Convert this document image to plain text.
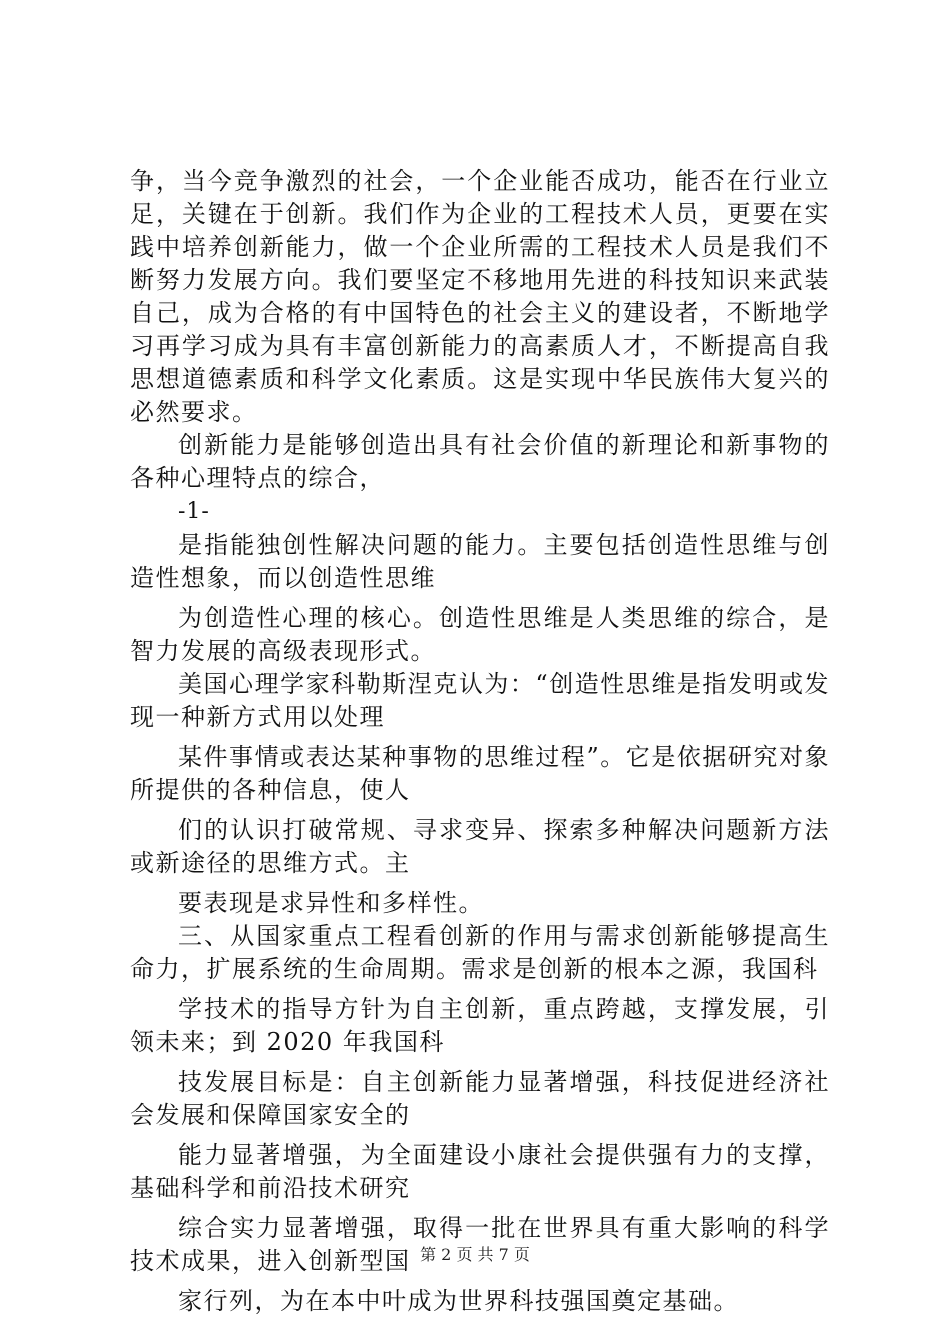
争，当今竞争激烈的社会，一个企业能否成功，能否在行业立足，关键在于创新。我们作为企业的工程技术人员，更要在实践中培养创新能力，做一个企业所需的工程技术人员是我们不断努力发展方向。我们要坚定不移地用先进的科技知识来武装自己，成为合格的有中国特色的社会主义的建设者，不断地学习再学习成为具有丰富创新能力的高素质人才，不断提高自我思想道德素质和科学文化素质。这是实现中华民族伟大复兴的必然要求。

创新能力是能够创造出具有社会价值的新理论和新事物的各种心理特点的综合，

-1-

是指能独创性解决问题的能力。主要包括创造性思维与创造性想象，而以创造性思维

为创造性心理的核心。创造性思维是人类思维的综合，是智力发展的高级表现形式。

美国心理学家科勒斯涅克认为：“创造性思维是指发明或发现一种新方式用以处理

某件事情或表达某种事物的思维过程”。它是依据研究对象所提供的各种信息，使人

们的认识打破常规、寻求变异、探索多种解决问题新方法或新途径的思维方式。主

要表现是求异性和多样性。

三、从国家重点工程看创新的作用与需求创新能够提高生命力，扩展系统的生命周期。需求是创新的根本之源，我国科

学技术的指导方针为自主创新，重点跨越，支撑发展，引领未来；到 2020 年我国科

技发展目标是：自主创新能力显著增强，科技促进经济社会发展和保障国家安全的

能力显著增强，为全面建设小康社会提供强有力的支撑，基础科学和前沿技术研究

综合实力显著增强，取得一批在世界具有重大影响的科学技术成果，进入创新型国

家行列，为在本中叶成为世界科技强国奠定基础。

第 2 页 共 7 页
